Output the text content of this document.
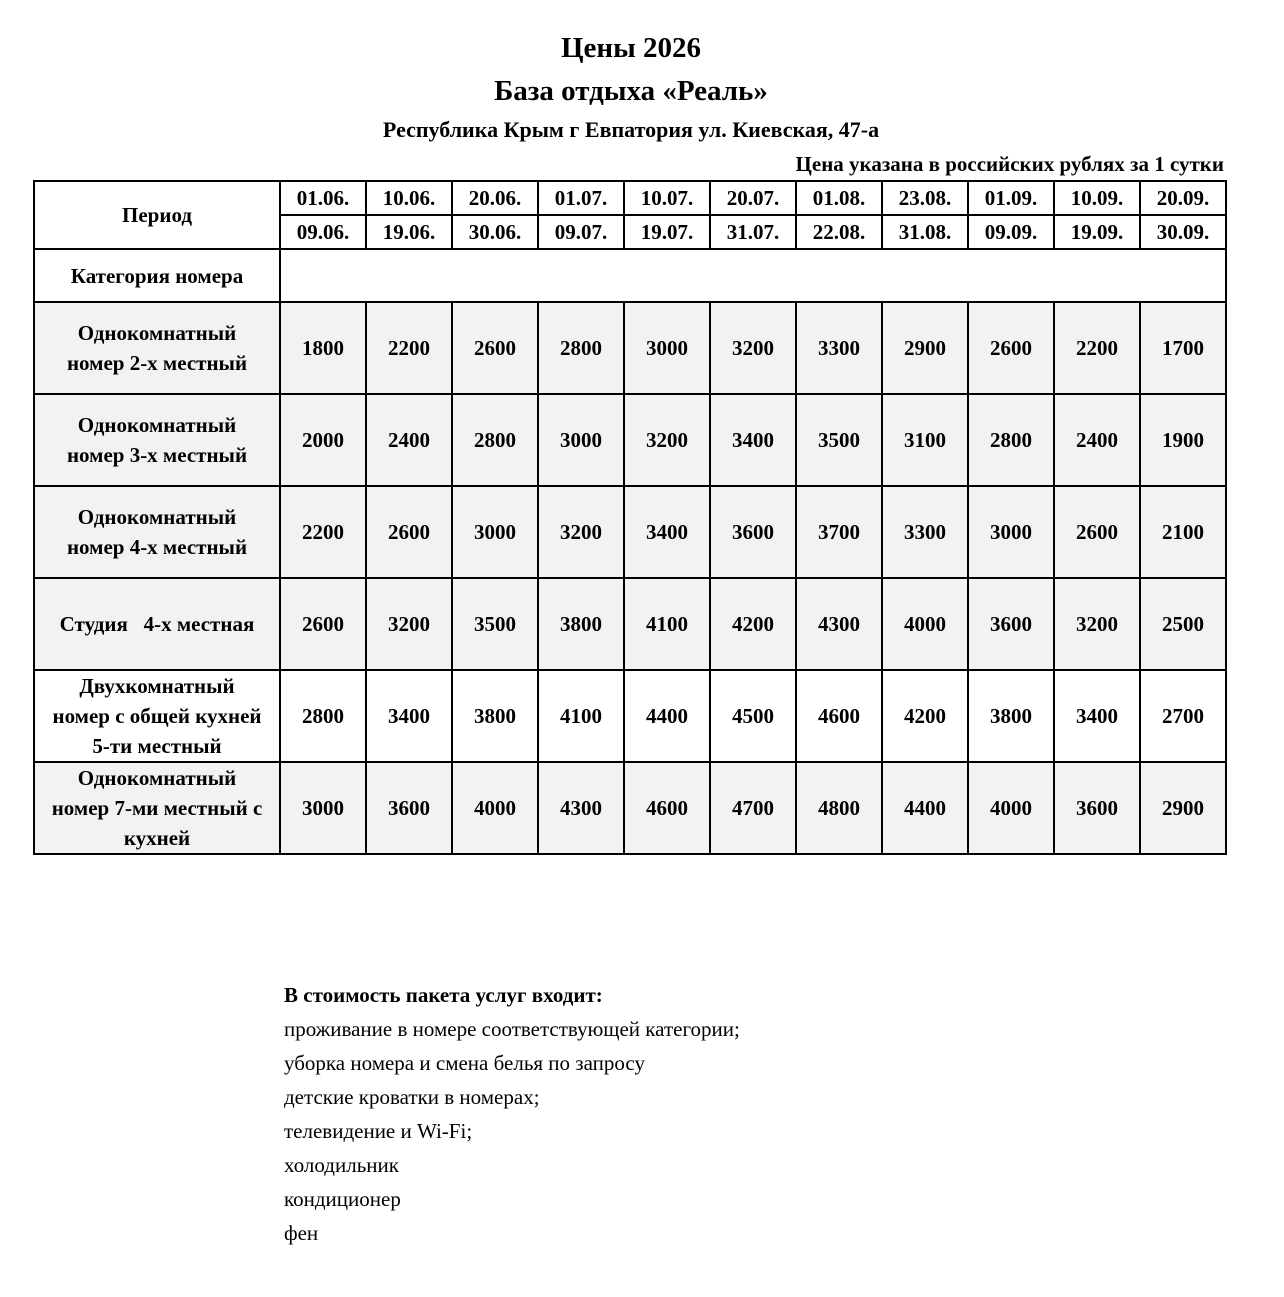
Цены 2026
База отдыха «Реаль»
Республика Крым г Евпатория ул. Киевская, 47-а
Цена указана в российских рублях за 1 сутки
Период	01.06.	10.06.	20.06.	01.07.	10.07.	20.07.	01.08.	23.08.	01.09.	10.09.	20.09.
	09.06.	19.06.	30.06.	09.07.	19.07.	31.07.	22.08.	31.08.	09.09.	19.09.	30.09.
Категория номера											

Однокомнатный
номер 2-х местный	1800	2200	2600	2800	3000	3200	3300	2900	2600	2200	1700

Однокомнатный
номер 3-х местный	2000	2400	2800	3000	3200	3400	3500	3100	2800	2400	1900

Однокомнатный
номер 4-х местный	2200	2600	3000	3200	3400	3600	3700	3300	3000	2600	2100

Студия   4-х местная	2600	3200	3500	3800	4100	4200	4300	4000	3600	3200	2500

Двухкомнатный
номер с общей кухней
5-ти местный	2800	3400	3800	4100	4400	4500	4600	4200	3800	3400	2700

Однокомнатный
номер 7-ми местный с
кухней	3000	3600	4000	4300	4600	4700	4800	4400	4000	3600	2900
В стоимость пакета услуг входит:
проживание в номере соответствующей категории;
уборка номера и смена белья по запросу
детские кроватки в номерах;
телевидение и Wi-Fi;
холодильник
кондиционер
фен
